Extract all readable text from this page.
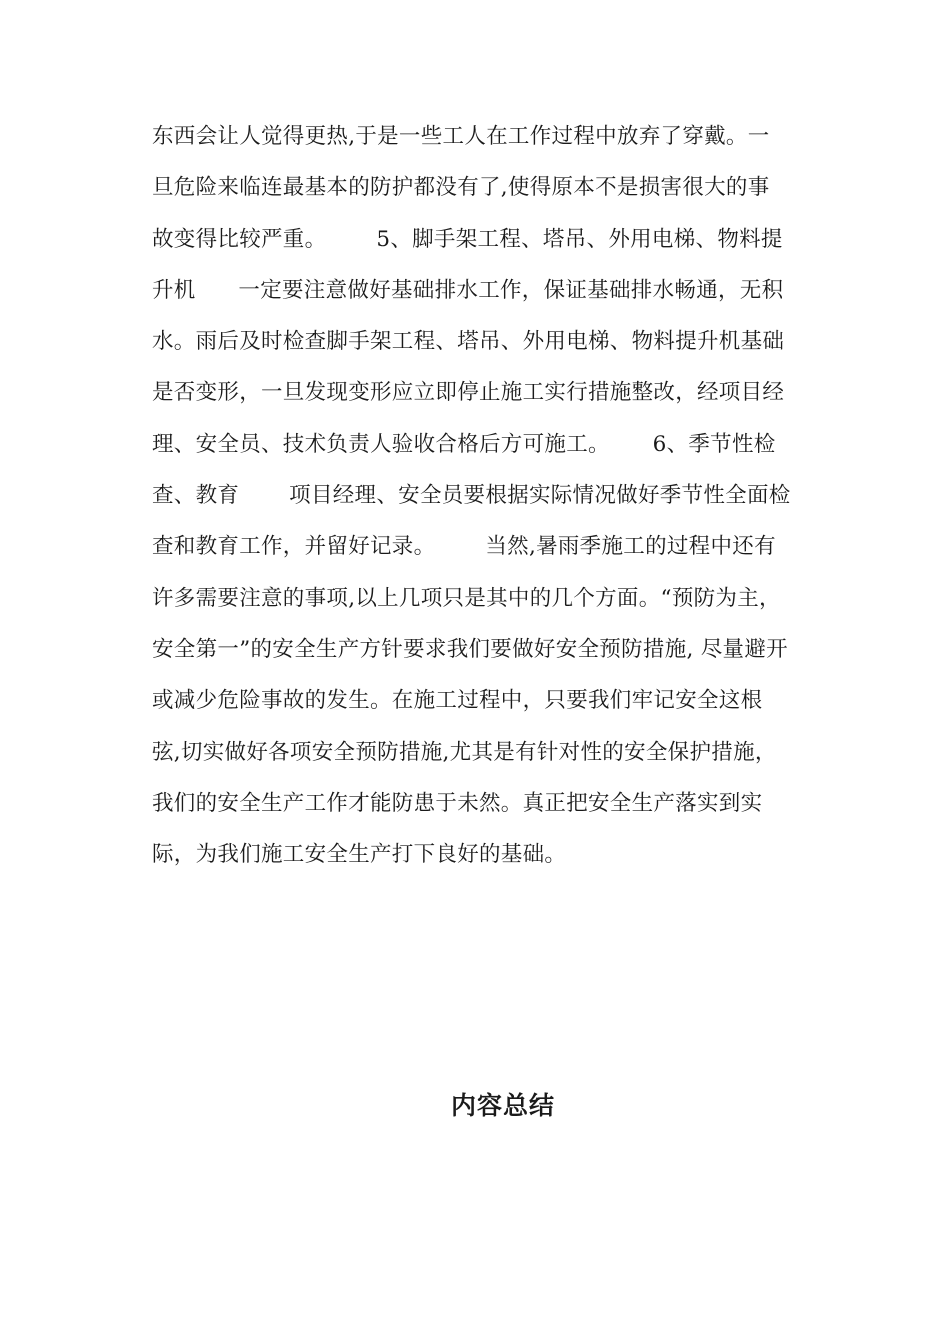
东西会让人觉得更热,于是一些工人在工作过程中放弃了穿戴。一
旦危险来临连最基本的防护都没有了,使得原本不是损害很大的事
故变得比较严重。       5、脚手架工程、塔吊、外用电梯、物料提
升机      一定要注意做好基础排水工作，保证基础排水畅通，无积
水。雨后及时检查脚手架工程、塔吊、外用电梯、物料提升机基础
是否变形，一旦发现变形应立即停止施工实行措施整改，经项目经
理、安全员、技术负责人验收合格后方可施工。      6、季节性检
查、教育       项目经理、安全员要根据实际情况做好季节性全面检
查和教育工作，并留好记录。       当然,暑雨季施工的过程中还有
许多需要注意的事项,以上几项只是其中的几个方面。“预防为主，
安全第一”的安全生产方针要求我们要做好安全预防措施, 尽量避开
或减少危险事故的发生。在施工过程中，只要我们牢记安全这根
弦,切实做好各项安全预防措施,尤其是有针对性的安全保护措施，
我们的安全生产工作才能防患于未然。真正把安全生产落实到实
际，为我们施工安全生产打下良好的基础。
内容总结
